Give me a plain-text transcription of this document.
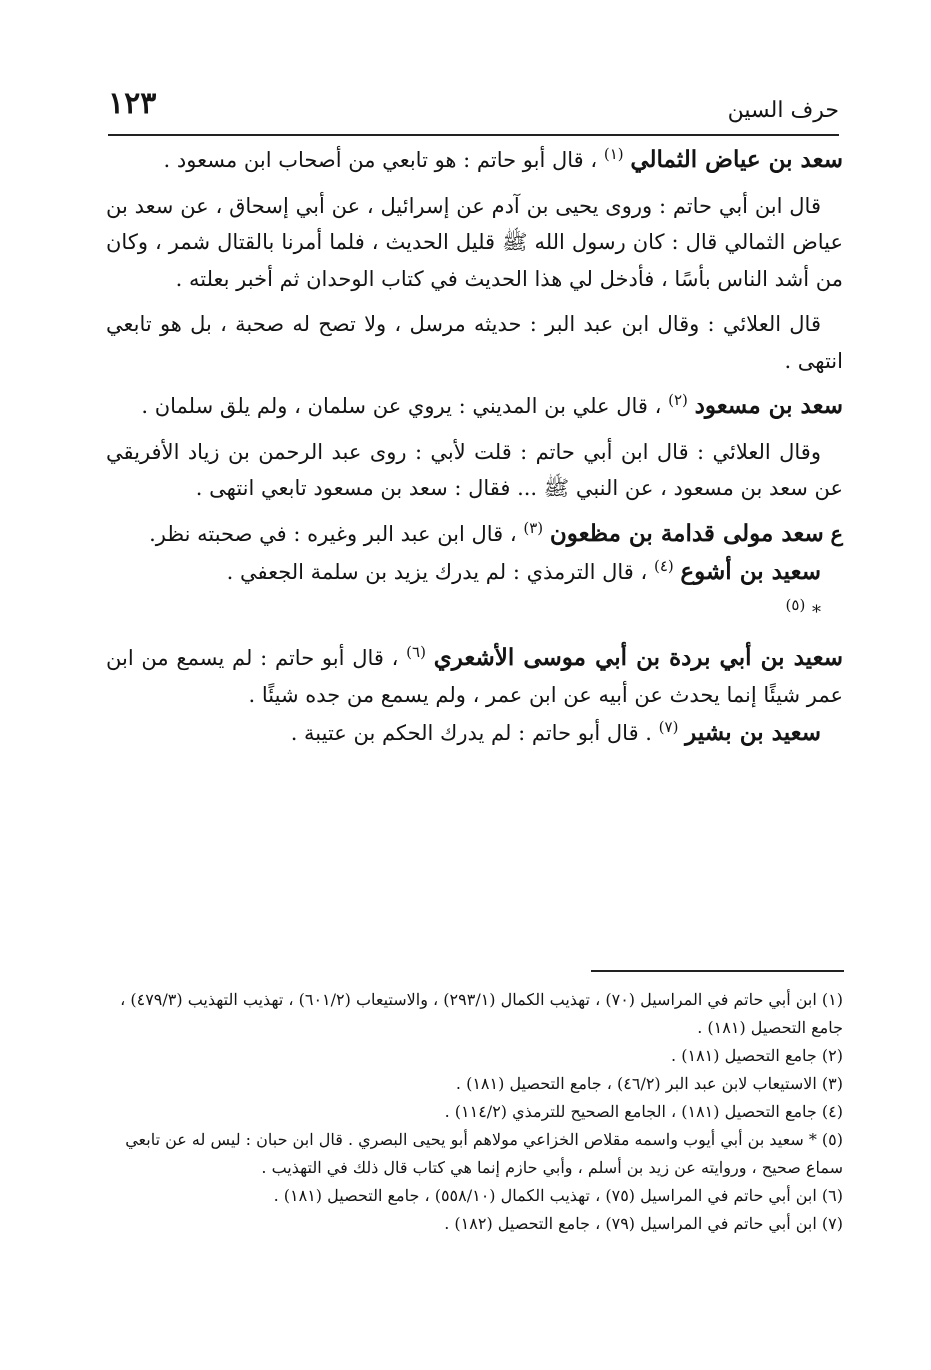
١٢٣	حرف السين

سعد بن عياض الثمالي $^{(١)}$ ، قال أبو حاتم : هو تابعي من أصحاب ابن مسعود .

قال ابن أبي حاتم : وروى يحيى بن آدم عن إسرائيل ، عن أبي إسحاق ، عن سعد بن عياض الثمالي قال : كان رسول الله ﷺ قليل الحديث ، فلما أمرنا بالقتال شمر ، وكان من أشد الناس بأسًا ، فأدخل لي هذا الحديث في كتاب الوحدان ثم أخبر بعلته .

قال العلائي : وقال ابن عبد البر : حديثه مرسل ، ولا تصح له صحبة ، بل هو تابعي انتهى .

سعد بن مسعود $^{(٢)}$ ، قال علي بن المديني : يروي عن سلمان ، ولم يلق سلمان .

وقال العلائي : قال ابن أبي حاتم : قلت لأبي : روى عبد الرحمن بن زياد الأفريقي عن سعد بن مسعود ، عن النبي ﷺ ... فقال : سعد بن مسعود تابعي انتهى .

ع سعد مولى قدامة بن مظعون $^{(٣)}$ ، قال ابن عبد البر وغيره : في صحبته نظر.

سعيد بن أشوع $^{(٤)}$ ، قال الترمذي : لم يدرك يزيد بن سلمة الجعفي .

* $^{(٥)}$

سعيد بن أبي بردة بن أبي موسى الأشعري $^{(٦)}$ ، قال أبو حاتم : لم يسمع من ابن عمر شيئًا إنما يحدث عن أبيه عن ابن عمر ، ولم يسمع من جده شيئًا .

سعيد بن بشير $^{(٧)}$ . قال أبو حاتم : لم يدرك الحكم بن عتيبة .

(١) ابن أبي حاتم في المراسيل (٧٠) ، تهذيب الكمال (٢٩٣/١) ، والاستيعاب (٦٠١/٢) ، تهذيب التهذيب (٤٧٩/٣) ، جامع التحصيل (١٨١) .

(٢) جامع التحصيل (١٨١) .

(٣) الاستيعاب لابن عبد البر (٤٦/٢) ، جامع التحصيل (١٨١) .

(٤) جامع التحصيل (١٨١) ، الجامع الصحيح للترمذي (١١٤/٢) .

(٥) * سعيد بن أبي أيوب واسمه مقلاص الخزاعي مولاهم أبو يحيى البصري . قال ابن حبان : ليس له عن تابعي سماع صحيح ، وروايته عن زيد بن أسلم ، وأبي حازم إنما هي كتاب قال ذلك في التهذيب .

(٦) ابن أبي حاتم في المراسيل (٧٥) ، تهذيب الكمال (٥٥٨/١٠) ، جامع التحصيل (١٨١) .

(٧) ابن أبي حاتم في المراسيل (٧٩) ، جامع التحصيل (١٨٢) .
